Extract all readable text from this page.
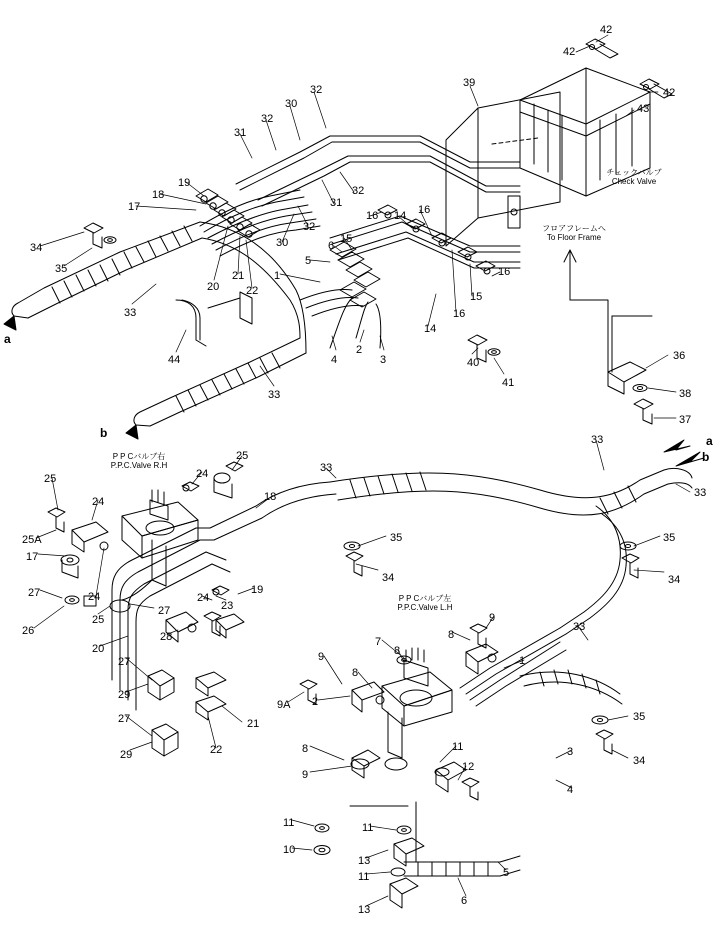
チェックバルブ
Check Valve
フロアフレームへ
To Floor Frame
P P Cバルブ右
P.P.C.Valve R.H
P P Cバルブ左
P.P.C.Valve L.H
a
b
a
b
42
42
42
43
39
32
30
32
31
19
18
17
32
31
32
30
16 14 16
16
15
16
14
6
15
5
1
34
35
33
44
33
22
21
20
4
2
3	40
41
36
38
37
33
33
25
24
25
24
25A
17
18
35
34
35
34
33
19
23
24
27
27
25
24
26
20
28
27
29
27
29
21
22
9
8
7
8
9
8
9A 2
1
33
8
9
11
12
3
4
35
34
11
10
11
13
11
13
5
6
